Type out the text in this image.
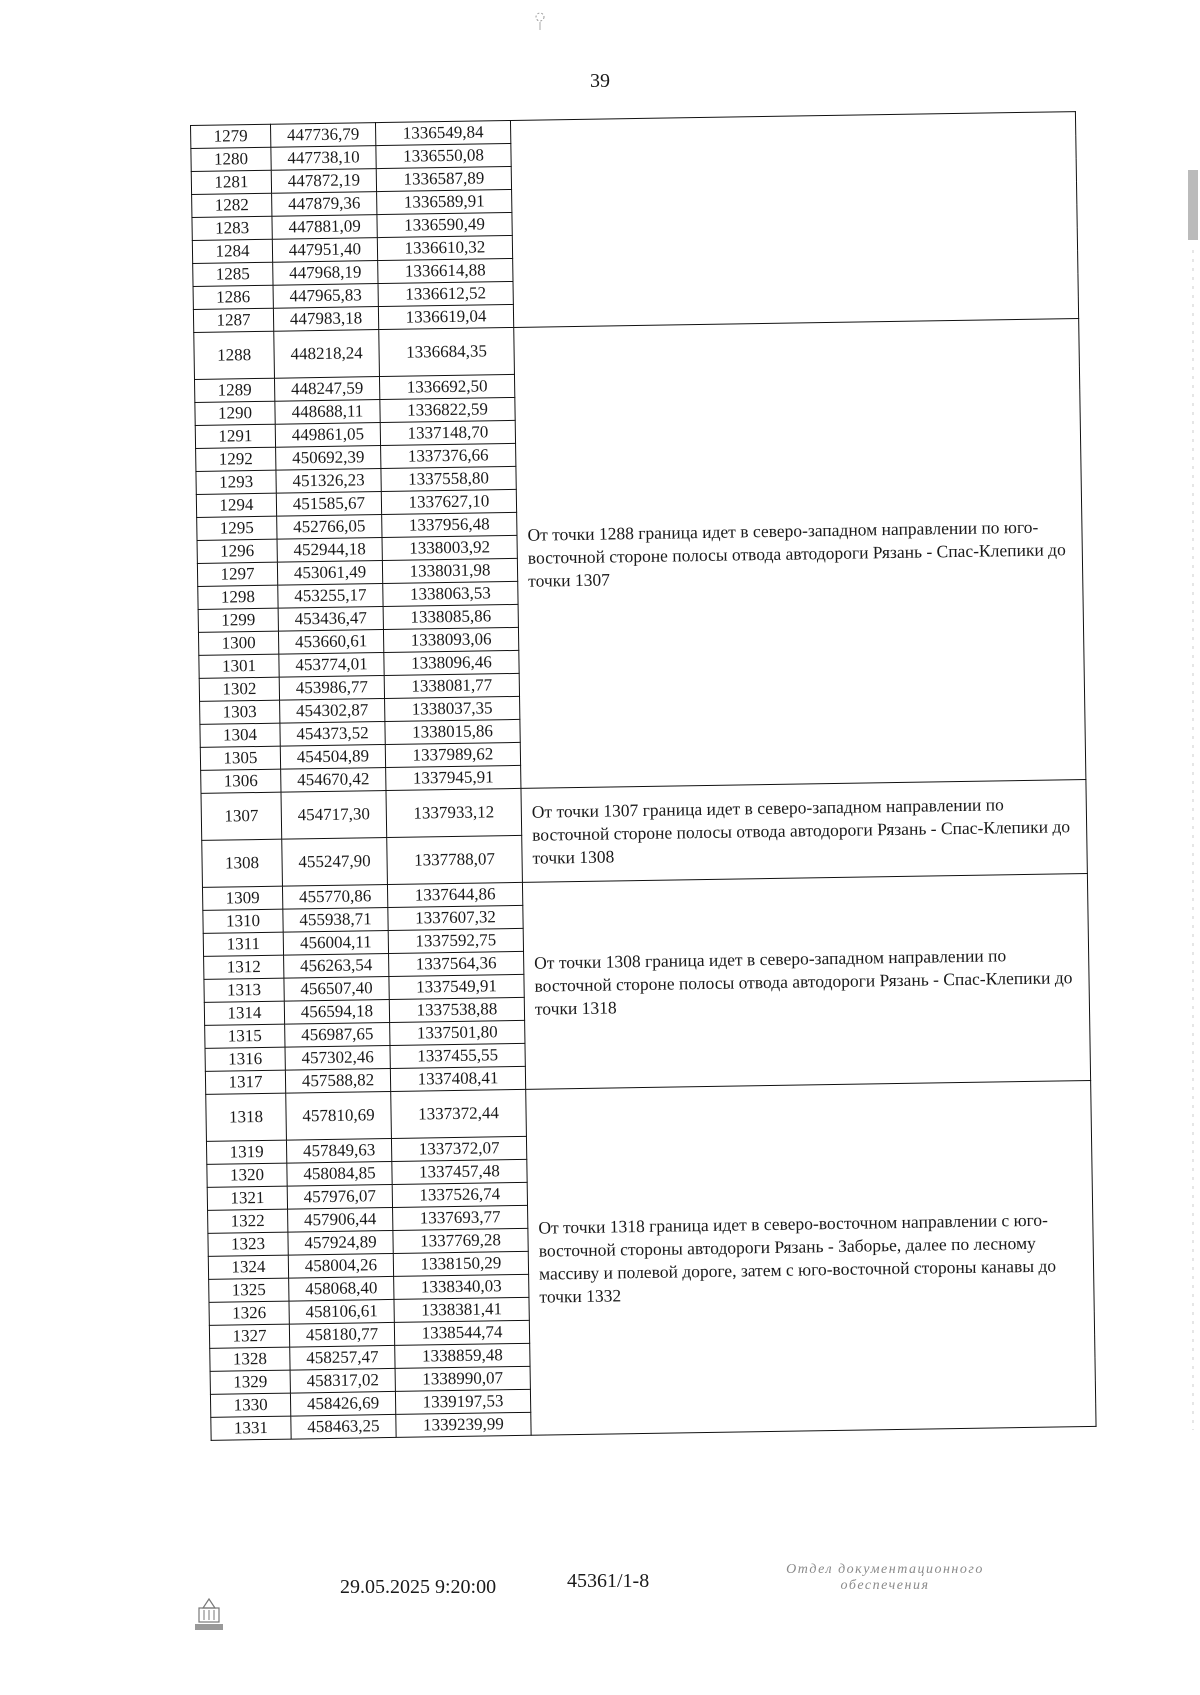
39
1279	447736,79	1336549,84	
1280	447738,10	1336550,08	
1281	447872,19	1336587,89	
1282	447879,36	1336589,91	
1283	447881,09	1336590,49	
1284	447951,40	1336610,32	
1285	447968,19	1336614,88	
1286	447965,83	1336612,52	
1287	447983,18	1336619,04	
1288	448218,24	1336684,35	От точки 1288 граница идет в северо-западном направлении по юго-восточной стороне полосы отвода автодороги Рязань - Спас-Клепики до точки 1307
1289	448247,59	1336692,50	
1290	448688,11	1336822,59	
1291	449861,05	1337148,70	
1292	450692,39	1337376,66	
1293	451326,23	1337558,80	
1294	451585,67	1337627,10	
1295	452766,05	1337956,48	
1296	452944,18	1338003,92	
1297	453061,49	1338031,98	
1298	453255,17	1338063,53	
1299	453436,47	1338085,86	
1300	453660,61	1338093,06	
1301	453774,01	1338096,46	
1302	453986,77	1338081,77	
1303	454302,87	1338037,35	
1304	454373,52	1338015,86	
1305	454504,89	1337989,62	
1306	454670,42	1337945,91	
1307	454717,30	1337933,12	От точки 1307 граница идет в северо-западном направлении по восточной стороне полосы отвода автодороги Рязань - Спас-Клепики до точки 1308
1308	455247,90	1337788,07	
1309	455770,86	1337644,86	От точки 1308 граница идет в северо-западном направлении по восточной стороне полосы отвода автодороги Рязань - Спас-Клепики до точки 1318
1310	455938,71	1337607,32	
1311	456004,11	1337592,75	
1312	456263,54	1337564,36	
1313	456507,40	1337549,91	
1314	456594,18	1337538,88	
1315	456987,65	1337501,80	
1316	457302,46	1337455,55	
1317	457588,82	1337408,41	
1318	457810,69	1337372,44	От точки 1318 граница идет в северо-восточном направлении с юго-восточной стороны автодороги Рязань - Заборье, далее по лесному массиву и полевой дороге, затем с юго-восточной стороны канавы до точки 1332
1319	457849,63	1337372,07	
1320	458084,85	1337457,48	
1321	457976,07	1337526,74	
1322	457906,44	1337693,77	
1323	457924,89	1337769,28	
1324	458004,26	1338150,29	
1325	458068,40	1338340,03	
1326	458106,61	1338381,41	
1327	458180,77	1338544,74	
1328	458257,47	1338859,48	
1329	458317,02	1338990,07	
1330	458426,69	1339197,53	
1331	458463,25	1339239,99	
29.05.2025 9:20:00	45361/1-8
Отдел документационного
обеспечения
